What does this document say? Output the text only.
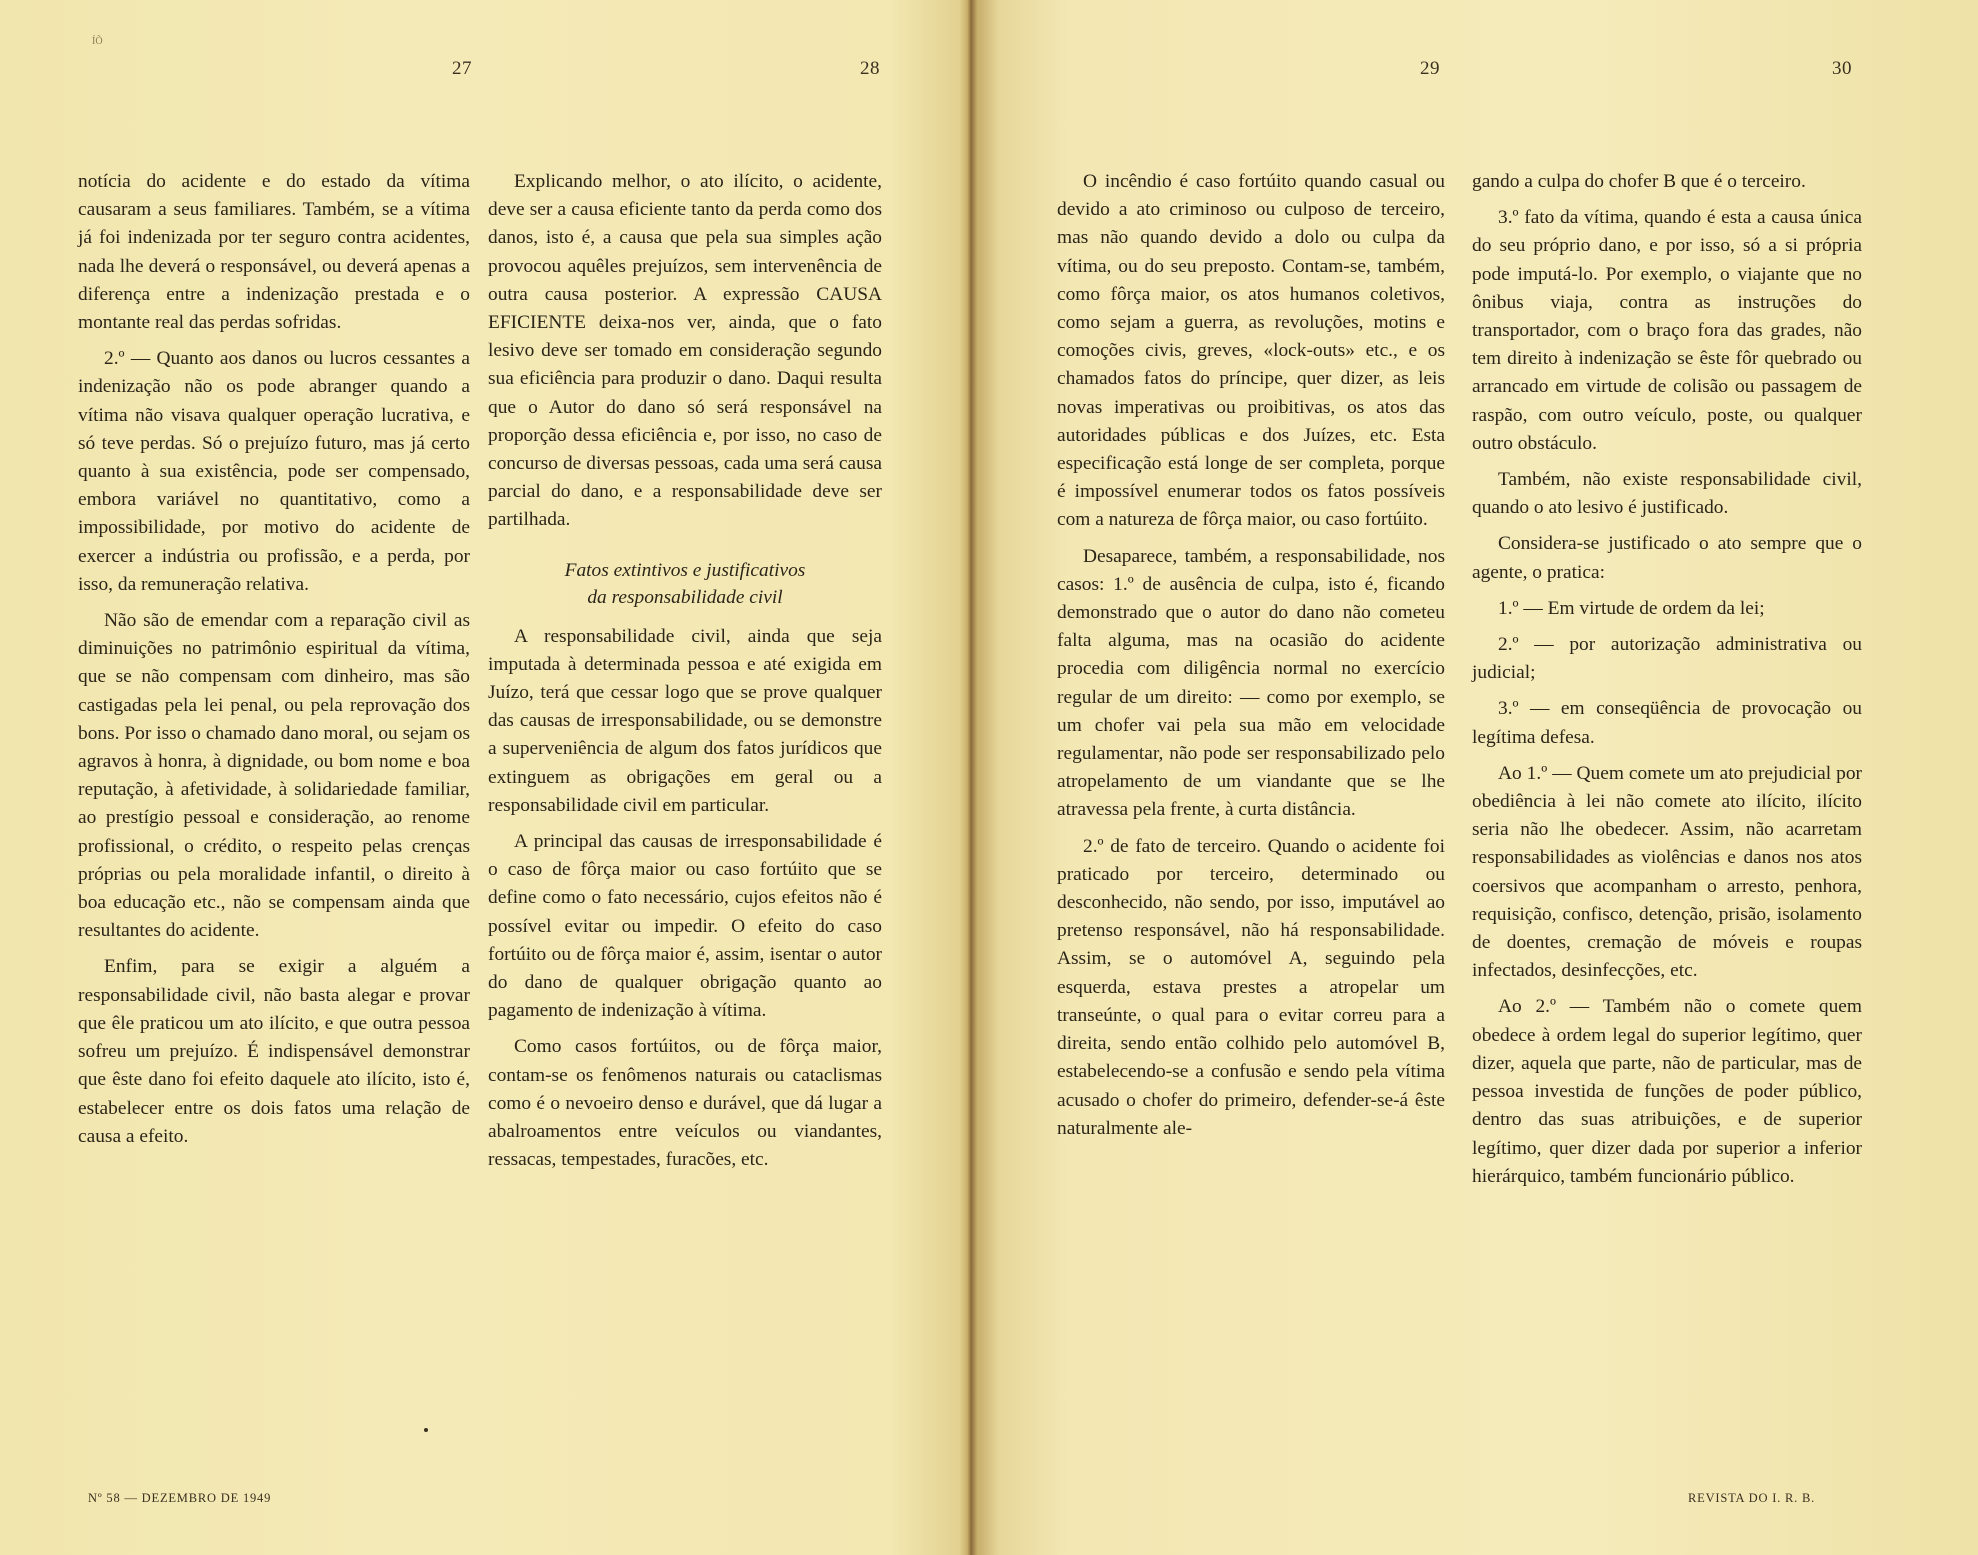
ÍÕ
27	28	29	30

notícia do acidente e do estado da vítima causaram a seus familiares. Também, se a vítima já foi indenizada por ter seguro contra acidentes, nada lhe deverá o responsável, ou deverá apenas a diferença entre a indenização prestada e o montante real das perdas sofridas.

2.º — Quanto aos danos ou lucros cessantes a indenização não os pode abranger quando a vítima não visava qualquer operação lucrativa, e só teve perdas. Só o prejuízo futuro, mas já certo quanto à sua existência, pode ser compensado, embora variável no quantitativo, como a impossibilidade, por motivo do acidente de exercer a indústria ou profissão, e a perda, por isso, da remuneração relativa.

Não são de emendar com a reparação civil as diminuições no patrimônio espiritual da vítima, que se não compensam com dinheiro, mas são castigadas pela lei penal, ou pela reprovação dos bons. Por isso o chamado dano moral, ou sejam os agravos à honra, à dignidade, ou bom nome e boa reputação, à afetividade, à solidariedade familiar, ao prestígio pessoal e consideração, ao renome profissional, o crédito, o respeito pelas crenças próprias ou pela moralidade infantil, o direito à boa educação etc., não se compensam ainda que resultantes do acidente.

Enfim, para se exigir a alguém a responsabilidade civil, não basta alegar e provar que êle praticou um ato ilícito, e que outra pessoa sofreu um prejuízo. É indispensável demonstrar que êste dano foi efeito daquele ato ilícito, isto é, estabelecer entre os dois fatos uma relação de causa a efeito.

Explicando melhor, o ato ilícito, o acidente, deve ser a causa eficiente tanto da perda como dos danos, isto é, a causa que pela sua simples ação provocou aquêles prejuízos, sem intervenência de outra causa posterior. A expressão CAUSA EFICIENTE deixa-nos ver, ainda, que o fato lesivo deve ser tomado em consideração segundo sua eficiência para produzir o dano. Daqui resulta que o Autor do dano só será responsável na proporção dessa eficiência e, por isso, no caso de concurso de diversas pessoas, cada uma será causa parcial do dano, e a responsabilidade deve ser partilhada.

Fatos extintivos e justificativos
da responsabilidade civil

A responsabilidade civil, ainda que seja imputada à determinada pessoa e até exigida em Juízo, terá que cessar logo que se prove qualquer das causas de irresponsabilidade, ou se demonstre a superveniência de algum dos fatos jurídicos que extinguem as obrigações em geral ou a responsabilidade civil em particular.

A principal das causas de irresponsabilidade é o caso de fôrça maior ou caso fortúito que se define como o fato necessário, cujos efeitos não é possível evitar ou impedir. O efeito do caso fortúito ou de fôrça maior é, assim, isentar o autor do dano de qualquer obrigação quanto ao pagamento de indenização à vítima.

Como casos fortúitos, ou de fôrça maior, contam-se os fenômenos naturais ou cataclismas como é o nevoeiro denso e durável, que dá lugar a abalroamentos entre veículos ou viandantes, ressacas, tempestades, furacões, etc.

O incêndio é caso fortúito quando casual ou devido a ato criminoso ou culposo de terceiro, mas não quando devido a dolo ou culpa da vítima, ou do seu preposto. Contam-se, também, como fôrça maior, os atos humanos coletivos, como sejam a guerra, as revoluções, motins e comoções civis, greves, «lock-outs» etc., e os chamados fatos do príncipe, quer dizer, as leis novas imperativas ou proibitivas, os atos das autoridades públicas e dos Juízes, etc. Esta especificação está longe de ser completa, porque é impossível enumerar todos os fatos possíveis com a natureza de fôrça maior, ou caso fortúito.

Desaparece, também, a responsabilidade, nos casos: 1.º de ausência de culpa, isto é, ficando demonstrado que o autor do dano não cometeu falta alguma, mas na ocasião do acidente procedia com diligência normal no exercício regular de um direito: — como por exemplo, se um chofer vai pela sua mão em velocidade regulamentar, não pode ser responsabilizado pelo atropelamento de um viandante que se lhe atravessa pela frente, à curta distância.

2.º de fato de terceiro. Quando o acidente foi praticado por terceiro, determinado ou desconhecido, não sendo, por isso, imputável ao pretenso responsável, não há responsabilidade. Assim, se o automóvel A, seguindo pela esquerda, estava prestes a atropelar um transeúnte, o qual para o evitar correu para a direita, sendo então colhido pelo automóvel B, estabelecendo-se a confusão e sendo pela vítima acusado o chofer do primeiro, defender-se-á êste naturalmente ale-

gando a culpa do chofer B que é o terceiro.

3.º fato da vítima, quando é esta a causa única do seu próprio dano, e por isso, só a si própria pode imputá-lo. Por exemplo, o viajante que no ônibus viaja, contra as instruções do transportador, com o braço fora das grades, não tem direito à indenização se êste fôr quebrado ou arrancado em virtude de colisão ou passagem de raspão, com outro veículo, poste, ou qualquer outro obstáculo.

Também, não existe responsabilidade civil, quando o ato lesivo é justificado.

Considera-se justificado o ato sempre que o agente, o pratica:

1.º — Em virtude de ordem da lei;

2.º — por autorização administrativa ou judicial;

3.º — em conseqüência de provocação ou legítima defesa.

Ao 1.º — Quem comete um ato prejudicial por obediência à lei não comete ato ilícito, ilícito seria não lhe obedecer. Assim, não acarretam responsabilidades as violências e danos nos atos coersivos que acompanham o arresto, penhora, requisição, confisco, detenção, prisão, isolamento de doentes, cremação de móveis e roupas infectados, desinfecções, etc.

Ao 2.º — Também não o comete quem obedece à ordem legal do superior legítimo, quer dizer, aquela que parte, não de particular, mas de pessoa investida de funções de poder público, dentro das suas atribuições, e de superior legítimo, quer dizer dada por superior a inferior hierárquico, também funcionário público.

Nº 58 — DEZEMBRO DE 1949	REVISTA DO I. R. B.
